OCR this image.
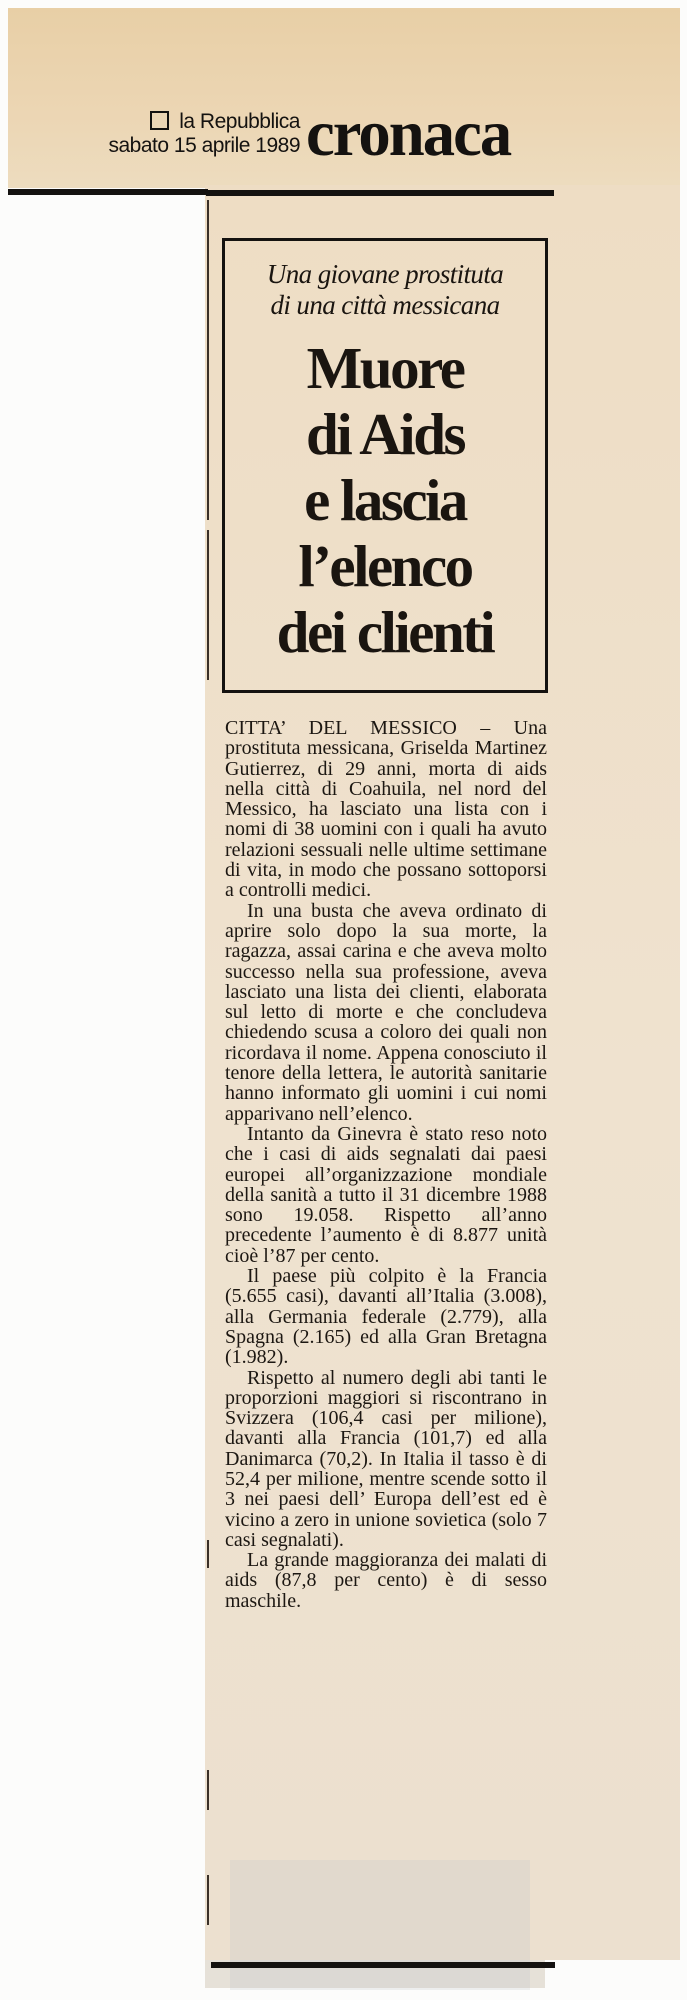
la Repubblica
sabato 15 aprile 1989 cronaca
Una giovane prostituta
di una città messicana
Muore
di Aids
e lascia
l’elenco
dei clienti

CITTA’ DEL MESSICO – Una prostituta messicana, Griselda Martinez Gutierrez, di 29 anni, morta di aids nella città di Coahuila, nel nord del Messico, ha lasciato una lista con i nomi di 38 uomini con i quali ha avuto relazioni sessuali nelle ultime settimane di vita, in modo che possano sottoporsi a controlli medici.

In una busta che aveva ordinato di aprire solo dopo la sua morte, la ragazza, assai carina e che aveva molto successo nella sua professione, aveva lasciato una lista dei clienti, elaborata sul letto di morte e che concludeva chiedendo scusa a coloro dei quali non ricordava il nome. Appena conosciuto il tenore della lettera, le autorità sanitarie hanno informato gli uomini i cui nomi apparivano nell’elenco.

Intanto da Ginevra è stato reso noto che i casi di aids segnalati dai paesi europei all’organizzazione mondiale della sanità a tutto il 31 dicembre 1988 sono 19.058. Rispetto all’anno precedente l’aumento è di 8.877 unità cioè l’87 per cento.

Il paese più colpito è la Francia (5.655 casi), davanti all’Italia (3.008), alla Germania federale (2.779), alla Spagna (2.165) ed alla Gran Bretagna (1.982).

Rispetto al numero degli abi tanti le proporzioni maggiori si riscontrano in Svizzera (106,4 casi per milione), davanti alla Francia (101,7) ed alla Danimarca (70,2). In Italia il tasso è di 52,4 per milione, mentre scende sotto il 3 nei paesi dell’ Europa dell’est ed è vicino a zero in unione sovietica (solo 7 casi segnalati).

La grande maggioranza dei malati di aids (87,8 per cento) è di sesso maschile.
